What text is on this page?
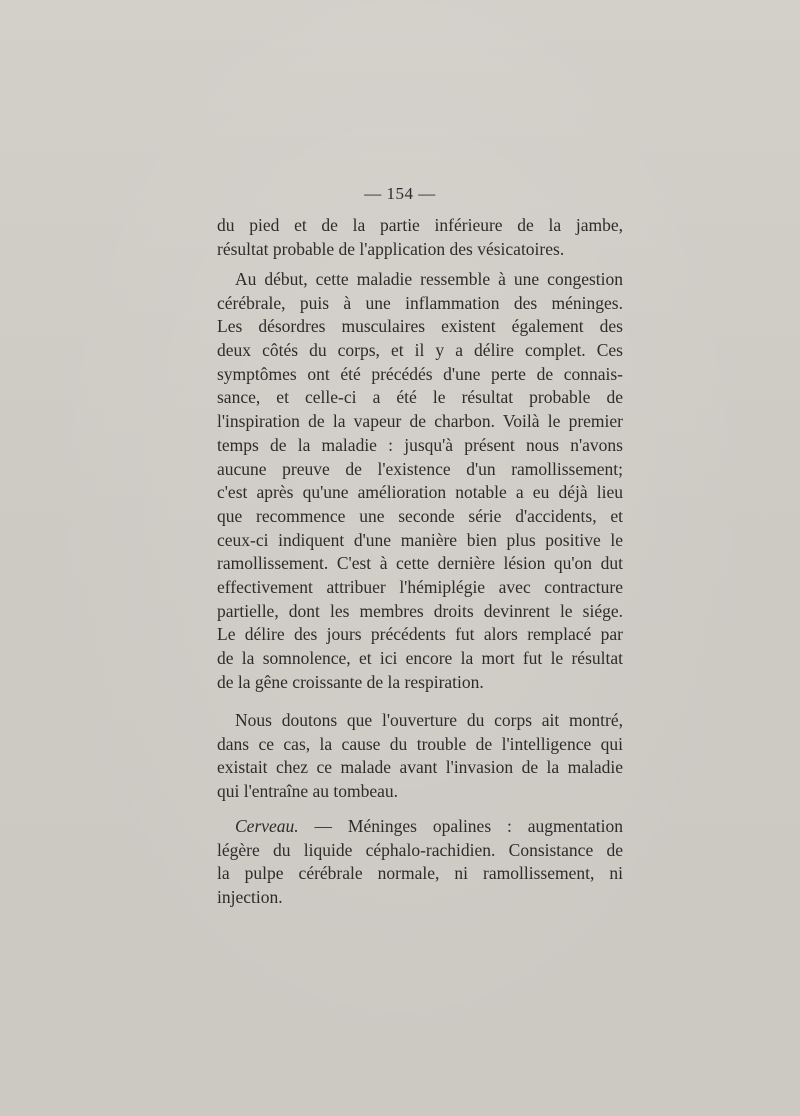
— 154 —
du pied et de la partie inférieure de la jambe,
résultat probable de l'application des vésicatoires.
Au début, cette maladie ressemble à une congestion
cérébrale, puis à une inflammation des méninges.
Les désordres musculaires existent également des
deux côtés du corps, et il y a délire complet. Ces
symptômes ont été précédés d'une perte de connais-
sance, et celle-ci a été le résultat probable de
l'inspiration de la vapeur de charbon. Voilà le premier
temps de la maladie : jusqu'à présent nous n'avons
aucune preuve de l'existence d'un ramollissement;
c'est après qu'une amélioration notable a eu déjà lieu
que recommence une seconde série d'accidents, et
ceux-ci indiquent d'une manière bien plus positive le
ramollissement. C'est à cette dernière lésion qu'on dut
effectivement attribuer l'hémiplégie avec contracture
partielle, dont les membres droits devinrent le siége.
Le délire des jours précédents fut alors remplacé par
de la somnolence, et ici encore la mort fut le résultat
de la gêne croissante de la respiration.
Nous doutons que l'ouverture du corps ait montré,
dans ce cas, la cause du trouble de l'intelligence qui
existait chez ce malade avant l'invasion de la maladie
qui l'entraîne au tombeau.
Cerveau. — Méninges opalines : augmentation
légère du liquide céphalo-rachidien. Consistance de
la pulpe cérébrale normale, ni ramollissement, ni
injection.
